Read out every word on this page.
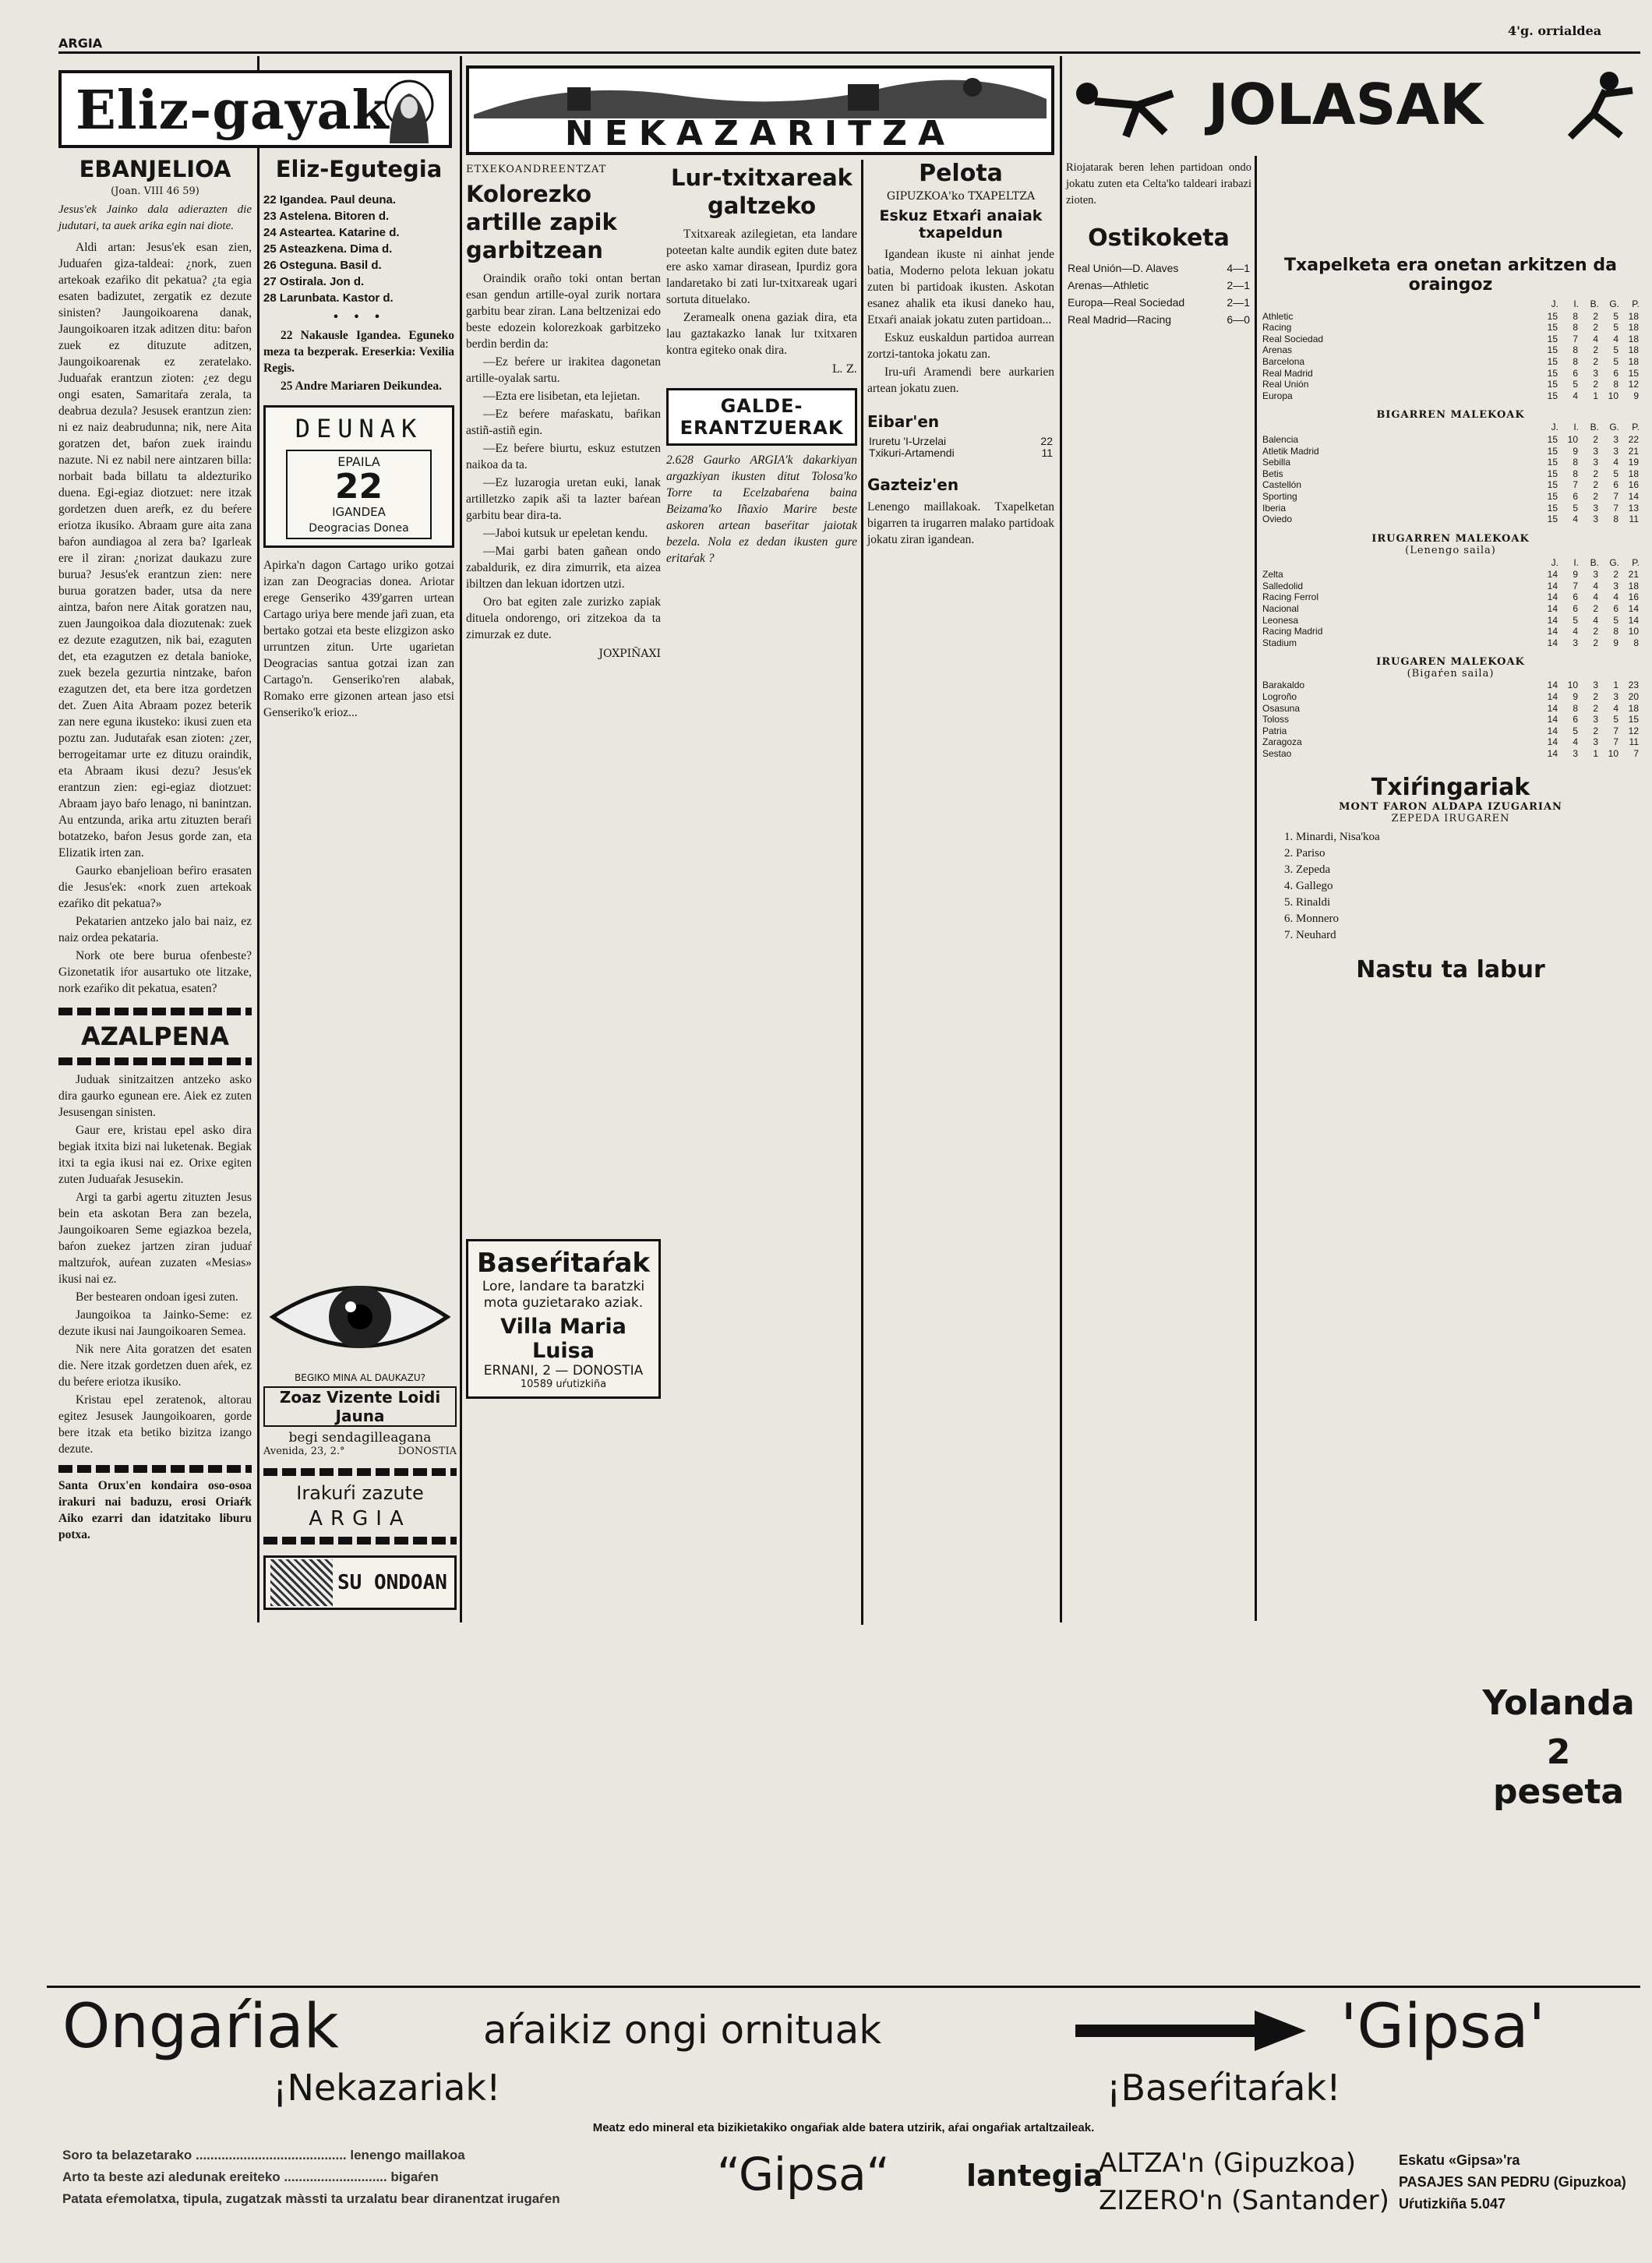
ARGIA
4'g. orrialdea
Eliz-gayak
EBANJELIOA
(Joan. VIII 46 59)
Jesus'ek Jainko dala adierazten die judutari, ta auek arika egin nai diote.

Aldi artan: Jesus'ek esan zien, Juduaŕen giza-taldeai: ¿nork, zuen artekoak ezaŕiko dit pekatua? ¿ta egia esaten badizutet, zergatik ez dezute sinisten? Jaungoikoarena danak, Jaungoikoaren itzak aditzen ditu: baŕon zuek ez dituzute aditzen, Jaungoikoarenak ez zeratelako. Juduaŕak erantzun zioten: ¿ez degu ongi esaten, Samaritaŕa zerala, ta deabrua dezula? Jesusek erantzun zien: ni ez naiz deabrudunna; nik, nere Aita goratzen det, baŕon zuek iraindu nazute. Ni ez nabil nere aintzaren billa: norbait bada billatu ta aldezturiko duena. Egi-egiaz diotzuet: nere itzak gordetzen duen areŕk, ez du beŕere eriotza ikusiko. Abraam gure aita zana baŕon aundiagoa al zera ba? Igarleak ere il ziran: ¿norizat daukazu zure burua? Jesus'ek erantzun zien: nere burua goratzen bader, utsa da nere aintza, baŕon nere Aitak goratzen nau, zuen Jaungoikoa dala diozutenak: zuek ez dezute ezagutzen, nik bai, ezaguten det, eta ezagutzen ez detala banioke, zuek bezela gezurtia nintzake, baŕon ezagutzen det, eta bere itza gordetzen det. Zuen Aita Abraam pozez beterik zan nere eguna ikusteko: ikusi zuen eta poztu zan. Judutaŕak esan zioten: ¿zer, berrogeitamar urte ez dituzu oraindik, eta Abraam ikusi dezu? Jesus'ek erantzun zien: egi-egiaz diotzuet: Abraam jayo baŕo lenago, ni banintzan. Au entzunda, arika artu zituzten beraŕi botatzeko, baŕon Jesus gorde zan, eta Elizatik irten zan.

Gaurko ebanjelioan beŕiro erasaten die Jesus'ek: «nork zuen artekoak ezaŕiko dit pekatua?»

Pekatarien antzeko jalo bai naiz, ez naiz ordea pekataria.

Nork ote bere burua ofenbeste? Gizonetatik iŕor ausartuko ote litzake, nork ezaŕiko dit pekatua, esaten?

AZALPENA

Juduak sinitzaitzen antzeko asko dira gaurko egunean ere. Aiek ez zuten Jesusengan sinisten.

Gaur ere, kristau epel asko dira begiak itxita bizi nai luketenak. Begiak itxi ta egia ikusi nai ez. Orixe egiten zuten Juduaŕak Jesusekin.

Argi ta garbi agertu zituzten Jesus bein eta askotan Bera zan bezela, Jaungoikoaren Seme egiazkoa bezela, baŕon zuekez jartzen ziran juduaŕ maltzuŕok, auŕean zuzaten «Mesias» ikusi nai ez.

Ber bestearen ondoan igesi zuten.

Jaungoikoa ta Jainko-Seme: ez dezute ikusi nai Jaungoikoaren Semea.

Nik nere Aita goratzen det esaten die. Nere itzak gordetzen duen aŕek, ez du beŕere eriotza ikusiko.

Kristau epel zeratenok, altorau egitez Jesusek Jaungoikoaren, gorde bere itzak eta betiko bizitza izango dezute.

Santa Orux'en kondaira oso-osoa irakuri nai baduzu, erosi Oriaŕk Aiko ezarri dan idatzitako liburu potxa.
Eliz-Egutegia
22 Igandea. Paul deuna.
23 Astelena. Bitoren d.
24 Asteartea. Katarine d.
25 Asteazkena. Dima d.
26 Osteguna. Basil d.
27 Ostirala. Jon d.
28 Larunbata. Kastor d.
• • •

22 Nakausle Igandea. Eguneko meza ta bezperak. Ereserkia: Vexilia Regis.

25 Andre Mariaren Deikundea.

DEUNAK
EPAILA
22
IGANDEA
Deogracias Donea
Apirka'n dagon Cartago uriko gotzai izan zan Deogracias donea. Ariotar erege Genseriko 439'garren urtean Cartago uriya bere mende jaŕi zuan, eta bertako gotzai eta beste elizgizon asko urruntzen zitun. Urte ugarietan Deogracias santua gotzai izan zan Cartago'n. Genseriko'ren alabak, Romako erre gizonen artean jaso etsi Genseriko'k erioz...
BEGIKO MINA AL DAUKAZU?
Zoaz Vizente Loidi Jauna
begi sendagilleagana
Avenida, 23, 2.°	DONOSTIA
Irakuŕi zazute
ARGIA
SU ONDOAN
NEKAZARITZA
ETXEKOANDREENTZAT
Kolorezko artille zapik garbitzean

Oraindik oraño toki ontan bertan esan gendun artille-oyal zurik nortara garbitu bear ziran. Lana beltzenizai edo beste edozein kolorezkoak garbitzeko berdin berdin da:

—Ez beŕere ur irakitea dagonetan artille-oyalak sartu.

—Ezta ere lisibetan, eta lejietan.

—Ez beŕere maŕaskatu, baŕikan astiñ-astiñ egin.

—Ez beŕere biurtu, eskuz estutzen naikoa da ta.

—Ez luzarogia uretan euki, lanak artilletzko zapik aši ta lazter baŕean garbitu bear dira-ta.

—Jaboi kutsuk ur epeletan kendu.

—Mai garbi baten gañean ondo zabaldurik, ez dira zimurrik, eta aizea ibiltzen dan lekuan idortzen utzi.

Oro bat egiten zale zurizko zapiak dituela ondorengo, ori zitzekoa da ta zimurzak ez dute.

JOXPIÑAXI
Lur-txitxareak galtzeko

Txitxareak azilegietan, eta landare poteetan kalte aundik egiten dute batez ere asko xamar dirasean, Ipurdiz gora landaretako bi zati lur-txitxareak ugari sortuta dituelako.

Zeramealk onena gaziak dira, eta lau gaztakazko lanak lur txitxaren kontra egiteko onak dira.

L. Z.
GALDE-ERANTZUERAK
2.628 Gaurko ARGIA'k dakarkiyan argazkiyan ikusten ditut Tolosa'ko Torre ta Ecelzabaŕena baina Beizama'ko Iñaxio Marire beste askoren artean baseŕitar jaiotak bezela. Nola ez dedan ikusten gure eritaŕak ?
Baseŕitaŕak
Lore, landare ta baratzki mota guzietarako aziak.
Villa Maria Luisa
ERNANI, 2 — DONOSTIA
10589 uŕutizkiña
JOLASAK
Pelota
GIPUZKOA'ko TXAPELTZA
Eskuz Etxaŕi anaiak txapeldun

Igandean ikuste ni ainhat jende batia, Moderno pelota lekuan jokatu zuten bi partidoak ikusten. Askotan esanez ahalik eta ikusi daneko hau, Etxaŕi anaiak jokatu zuten partidoan...

Eskuz euskaldun partidoa aurrean zortzi-tantoka jokatu zan.

Iru-uŕi Aramendi bere aurkarien artean jokatu zuen.

Eibar'en
Iruretu 'I-Urzelai	22
Txikuri-Artamendi	11
Gazteiz'en
Lenengo maillakoak. Txapelketan bigarren ta irugarren malako partidoak jokatu ziran igandean.
Riojatarak beren lehen partidoan ondo jokatu zuten eta Celta'ko taldeari irabazi zioten.
Ostikoketa
Real Unión—D. Alaves	4—1
Arenas—Athletic	2—1
Europa—Real Sociedad	2—1
Real Madrid—Racing	6—0
Txapelketa era onetan arkitzen da oraingoz
	J.	I.	B.	G.	P.
Athletic	15	8	2	5	18
Racing	15	8	2	5	18
Real Sociedad	15	7	4	4	18
Arenas	15	8	2	5	18
Barcelona	15	8	2	5	18
Real Madrid	15	6	3	6	15
Real Unión	15	5	2	8	12
Europa	15	4	1	10	9
BIGARREN MALEKOAK
	J.	I.	B.	G.	P.
Balencia	15	10	2	3	22
Atletik Madrid	15	9	3	3	21
Sebilla	15	8	3	4	19
Betis	15	8	2	5	18
Castellón	15	7	2	6	16
Sporting	15	6	2	7	14
Iberia	15	5	3	7	13
Oviedo	15	4	3	8	11
IRUGARREN MALEKOAK
(Lenengo saila)
	J.	I.	B.	G.	P.
Zelta	14	9	3	2	21
Salledolid	14	7	4	3	18
Racing Ferrol	14	6	4	4	16
Nacional	14	6	2	6	14
Leonesa	14	5	4	5	14
Racing Madrid	14	4	2	8	10
Stadium	14	3	2	9	8
IRUGAREN MALEKOAK
(Bigaŕen saila)
Barakaldo	14	10	3	1	23
Logroño	14	9	2	3	20
Osasuna	14	8	2	4	18
Toloss	14	6	3	5	15
Patria	14	5	2	7	12
Zaragoza	14	4	3	7	11
Sestao	14	3	1	10	7
Txiŕingariak
MONT FARON ALDAPA IZUGARIAN
ZEPEDA IRUGAREN
1. Minardi, Nisa'koa
2. Pariso
3. Zepeda
4. Gallego
5. Rinaldi
6. Monnero
7. Neuhard
Nastu ta labur
Yolanda
2 peseta
Ongaŕiak	aŕaikiz ongi ornituak	'Gipsa'
¡Nekazariak!	¡Baseŕitaŕak!
Meatz edo mineral eta bizikietakiko ongaŕiak alde batera utzirik, aŕai ongaŕiak artaltzaileak.
Soro ta belazetarako ......................................... lenengo maillakoa
Arto ta beste azi aledunak ereiteko ............................ bigaŕen
Patata eŕemolatxa, tipula, zugatzak màssti ta urzalatu bear diranentzat irugaŕen	“Gipsa“	lantegia
ALTZA'n (Gipuzkoa)
ZIZERO'n (Santander)
Eskatu «Gipsa»'ra
PASAJES SAN PEDRU (Gipuzkoa)
Uŕutizkiña 5.047
